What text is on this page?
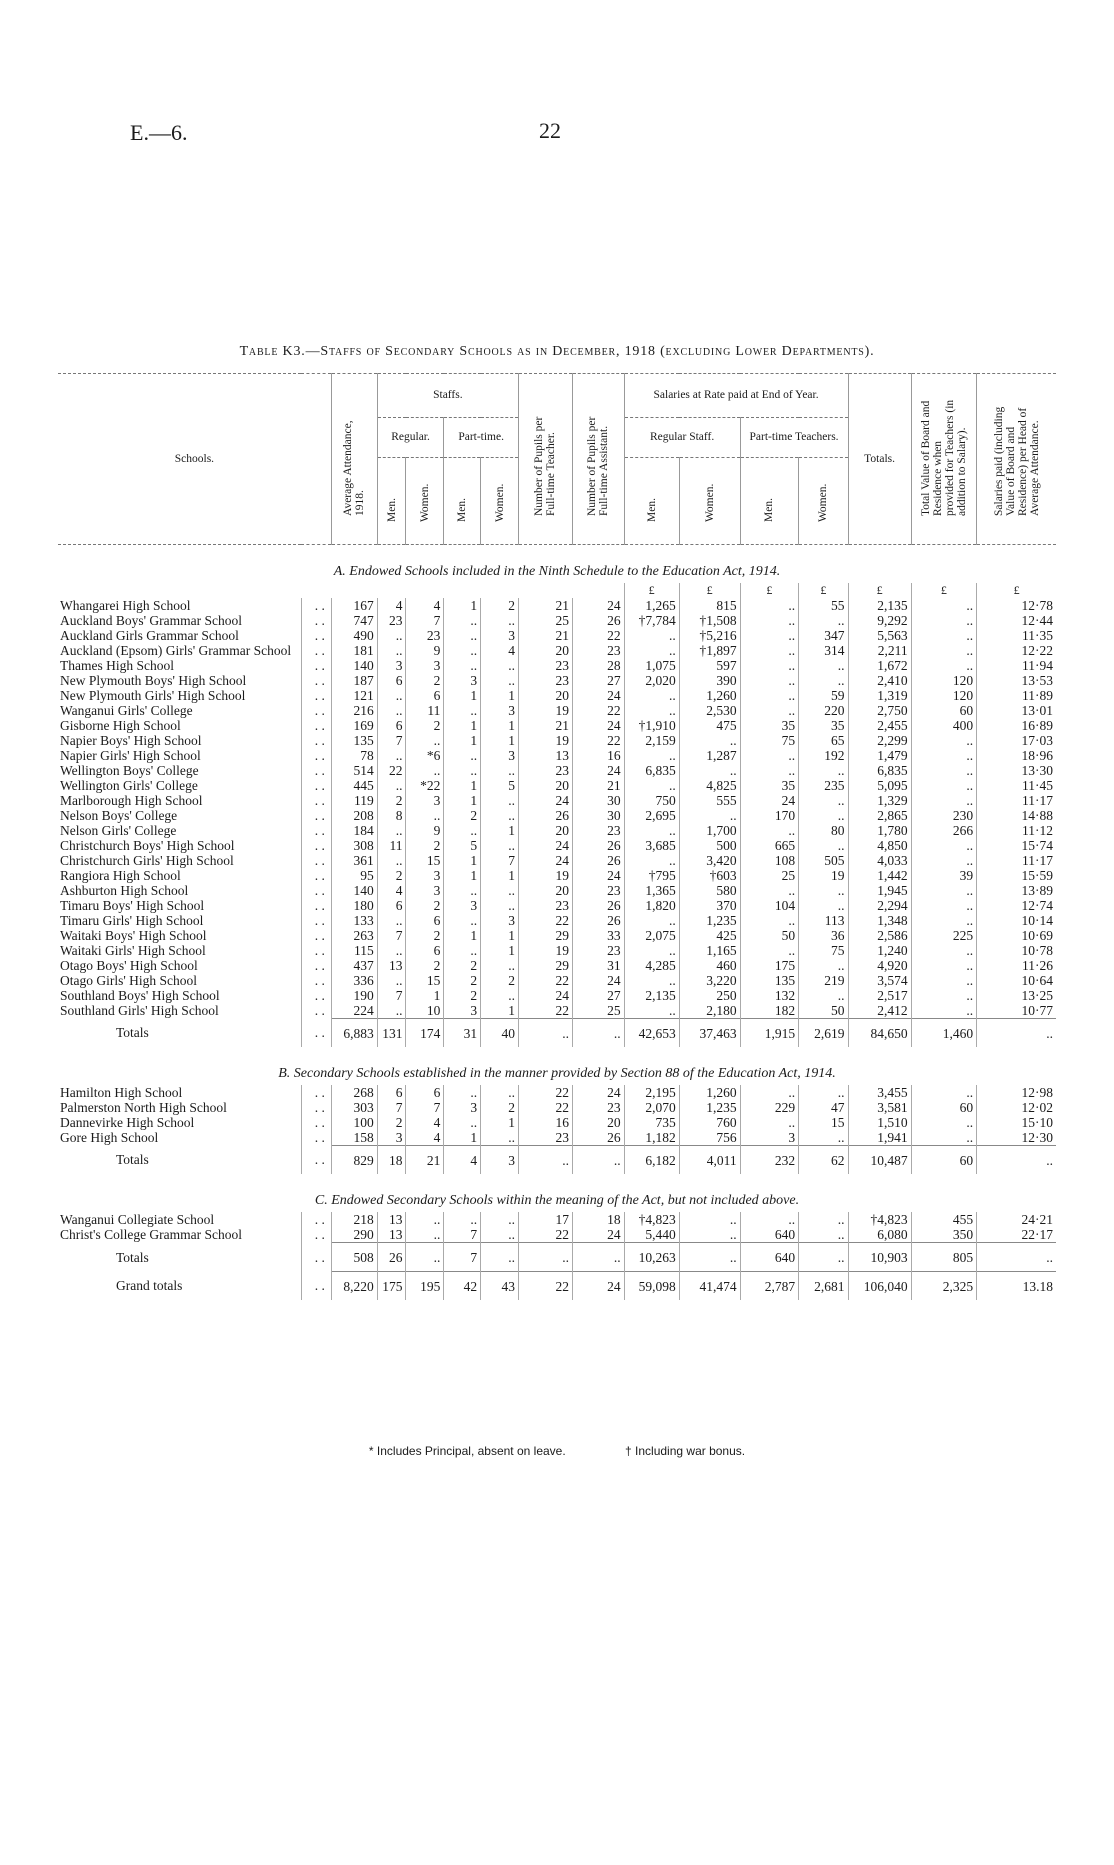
E.—6.	22
Table K3.—Staffs of Secondary Schools as in December, 1918 (excluding Lower Departments).
Schools.		Average Attendance, 1918.	Staffs.				Number of Pupils per Full-time Teacher.	Number of Pupils per Full-time Assistant.	Salaries at Rate paid at End of Year.				Totals.	Total Value of Board and Residence when provided for Teachers (in addition to Salary).	Salaries paid (including Value of Board and Residence) per Head of Average Attendance.
			Regular.		Part-time.				Regular Staff.		Part-time Teachers.				
			Men.	Women.	Men.	Women.			Men.	Women.	Men.	Women.			
A. Endowed Schools included in the Ninth Schedule to the Education Act, 1914.															
									£	£	£	£	£	£	£
Whangarei High School	. .	167	4	4	1	2	21	24	1,265	815	..	55	2,135	..	12·78
Auckland Boys' Grammar School	. .	747	23	7	..	..	25	26	†7,784	†1,508	..	..	9,292	..	12·44
Auckland Girls Grammar School	. .	490	..	23	..	3	21	22	..	†5,216	..	347	5,563	..	11·35
Auckland (Epsom) Girls' Grammar School	. .	181	..	9	..	4	20	23	..	†1,897	..	314	2,211	..	12·22
Thames High School	. .	140	3	3	..	..	23	28	1,075	597	..	..	1,672	..	11·94
New Plymouth Boys' High School	. .	187	6	2	3	..	23	27	2,020	390	..	..	2,410	120	13·53
New Plymouth Girls' High School	. .	121	..	6	1	1	20	24	..	1,260	..	59	1,319	120	11·89
Wanganui Girls' College	. .	216	..	11	..	3	19	22	..	2,530	..	220	2,750	60	13·01
Gisborne High School	. .	169	6	2	1	1	21	24	†1,910	475	35	35	2,455	400	16·89
Napier Boys' High School	. .	135	7	..	1	1	19	22	2,159	..	75	65	2,299	..	17·03
Napier Girls' High School	. .	78	..	*6	..	3	13	16	..	1,287	..	192	1,479	..	18·96
Wellington Boys' College	. .	514	22	..	..	..	23	24	6,835	..	..	..	6,835	..	13·30
Wellington Girls' College	. .	445	..	*22	1	5	20	21	..	4,825	35	235	5,095	..	11·45
Marlborough High School	. .	119	2	3	1	..	24	30	750	555	24	..	1,329	..	11·17
Nelson Boys' College	. .	208	8	..	2	..	26	30	2,695	..	170	..	2,865	230	14·88
Nelson Girls' College	. .	184	..	9	..	1	20	23	..	1,700	..	80	1,780	266	11·12
Christchurch Boys' High School	. .	308	11	2	5	..	24	26	3,685	500	665	..	4,850	..	15·74
Christchurch Girls' High School	. .	361	..	15	1	7	24	26	..	3,420	108	505	4,033	..	11·17
Rangiora High School	. .	95	2	3	1	1	19	24	†795	†603	25	19	1,442	39	15·59
Ashburton High School	. .	140	4	3	..	..	20	23	1,365	580	..	..	1,945	..	13·89
Timaru Boys' High School	. .	180	6	2	3	..	23	26	1,820	370	104	..	2,294	..	12·74
Timaru Girls' High School	. .	133	..	6	..	3	22	26	..	1,235	..	113	1,348	..	10·14
Waitaki Boys' High School	. .	263	7	2	1	1	29	33	2,075	425	50	36	2,586	225	10·69
Waitaki Girls' High School	. .	115	..	6	..	1	19	23	..	1,165	..	75	1,240	..	10·78
Otago Boys' High School	. .	437	13	2	2	..	29	31	4,285	460	175	..	4,920	..	11·26
Otago Girls' High School	. .	336	..	15	2	2	22	24	..	3,220	135	219	3,574	..	10·64
Southland Boys' High School	. .	190	7	1	2	..	24	27	2,135	250	132	..	2,517	..	13·25
Southland Girls' High School	. .	224	..	10	3	1	22	25	..	2,180	182	50	2,412	..	10·77
Totals	. .	6,883	131	174	31	40	..	..	42,653	37,463	1,915	2,619	84,650	1,460	..
B. Secondary Schools established in the manner provided by Section 88 of the Education Act, 1914.															
Hamilton High School	. .	268	6	6	..	..	22	24	2,195	1,260	..	..	3,455	..	12·98
Palmerston North High School	. .	303	7	7	3	2	22	23	2,070	1,235	229	47	3,581	60	12·02
Dannevirke High School	. .	100	2	4	..	1	16	20	735	760	..	15	1,510	..	15·10
Gore High School	. .	158	3	4	1	..	23	26	1,182	756	3	..	1,941	..	12·30
Totals	. .	829	18	21	4	3	..	..	6,182	4,011	232	62	10,487	60	..
C. Endowed Secondary Schools within the meaning of the Act, but not included above.															
Wanganui Collegiate School	. .	218	13	..	..	..	17	18	†4,823	..	..	..	†4,823	455	24·21
Christ's College Grammar School	. .	290	13	..	7	..	22	24	5,440	..	640	..	6,080	350	22·17
Totals	. .	508	26	..	7	..	..	..	10,263	..	640	..	10,903	805	..
Grand totals	. .	8,220	175	195	42	43	22	24	59,098	41,474	2,787	2,681	106,040	2,325	13.18
* Includes Principal, absent on leave.	† Including war bonus.
